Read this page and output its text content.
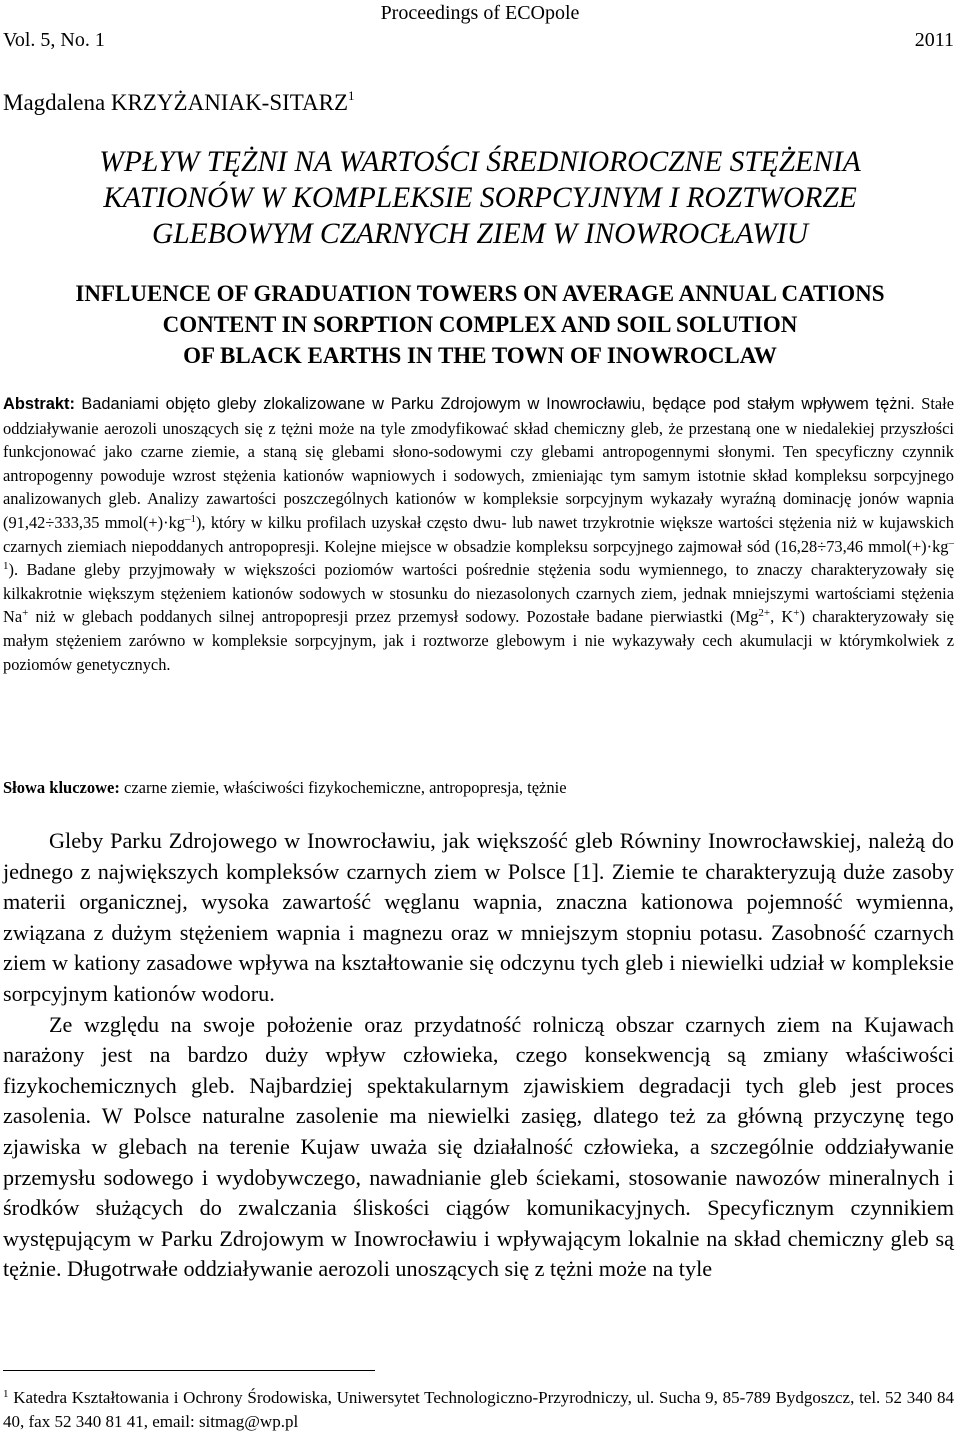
Proceedings of ECOpole
Vol. 5, No. 1	2011
Magdalena KRZYŻANIAK-SITARZ$^1$
WPŁYW TĘŻNI NA WARTOŚCI ŚREDNIOROCZNE STĘŻENIA
KATIONÓW W KOMPLEKSIE SORPCYJNYM I ROZTWORZE
GLEBOWYM CZARNYCH ZIEM W INOWROCŁAWIU
INFLUENCE OF GRADUATION TOWERS ON AVERAGE ANNUAL CATIONS
CONTENT IN SORPTION COMPLEX AND SOIL SOLUTION
OF BLACK EARTHS IN THE TOWN OF INOWROCLAW
Abstrakt: Badaniami objęto gleby zlokalizowane w Parku Zdrojowym w Inowrocławiu, będące pod stałym wpływem tężni. Stałe oddziaływanie aerozoli unoszących się z tężni może na tyle zmodyfikować skład chemiczny gleb, że przestaną one w niedalekiej przyszłości funkcjonować jako czarne ziemie, a staną się glebami słono-sodowymi czy glebami antropogennymi słonymi. Ten specyficzny czynnik antropogenny powoduje wzrost stężenia kationów wapniowych i sodowych, zmieniając tym samym istotnie skład kompleksu sorpcyjnego analizowanych gleb. Analizy zawartości poszczególnych kationów w kompleksie sorpcyjnym wykazały wyraźną dominację jonów wapnia (91,42÷333,35 $mmol(+)\cdot kg^{-1}$), który w kilku profilach uzyskał często dwu- lub nawet trzykrotnie większe wartości stężenia niż w kujawskich czarnych ziemiach niepoddanych antropopresji. Kolejne miejsce w obsadzie kompleksu sorpcyjnego zajmował sód (16,28÷73,46 $mmol(+)\cdot kg^{-1}$). Badane gleby przyjmowały w większości poziomów wartości pośrednie stężenia sodu wymiennego, to znaczy charakteryzowały się kilkakrotnie większym stężeniem kationów sodowych w stosunku do niezasolonych czarnych ziem, jednak mniejszymi wartościami stężenia Na+ niż w glebach poddanych silnej antropopresji przez przemysł sodowy. Pozostałe badane pierwiastki ($Mg^{2+}$, K+) charakteryzowały się małym stężeniem zarówno w kompleksie sorpcyjnym, jak i roztworze glebowym i nie wykazywały cech akumulacji w którymkolwiek z poziomów genetycznych.
Słowa kluczowe: czarne ziemie, właściwości fizykochemiczne, antropopresja, tężnie

Gleby Parku Zdrojowego w Inowrocławiu, jak większość gleb Równiny Inowrocławskiej, należą do jednego z największych kompleksów czarnych ziem w Polsce [1]. Ziemie te charakteryzują duże zasoby materii organicznej, wysoka zawartość węglanu wapnia, znaczna kationowa pojemność wymienna, związana z dużym stężeniem wapnia i magnezu oraz w mniejszym stopniu potasu. Zasobność czarnych ziem w kationy zasadowe wpływa na kształtowanie się odczynu tych gleb i niewielki udział w kompleksie sorpcyjnym kationów wodoru.

Ze względu na swoje położenie oraz przydatność rolniczą obszar czarnych ziem na Kujawach narażony jest na bardzo duży wpływ człowieka, czego konsekwencją są zmiany właściwości fizykochemicznych gleb. Najbardziej spektakularnym zjawiskiem degradacji tych gleb jest proces zasolenia. W Polsce naturalne zasolenie ma niewielki zasięg, dlatego też za główną przyczynę tego zjawiska w glebach na terenie Kujaw uważa się działalność człowieka, a szczególnie oddziaływanie przemysłu sodowego i wydobywczego, nawadnianie gleb ściekami, stosowanie nawozów mineralnych i środków służących do zwalczania śliskości ciągów komunikacyjnych. Specyficznym czynnikiem występującym w Parku Zdrojowym w Inowrocławiu i wpływającym lokalnie na skład chemiczny gleb są tężnie. Długotrwałe oddziaływanie aerozoli unoszących się z tężni może na tyle

$^1$ Katedra Kształtowania i Ochrony Środowiska, Uniwersytet Technologiczno-Przyrodniczy, ul. Sucha 9, 85-789 Bydgoszcz, tel. 52 340 84 40, fax 52 340 81 41, email: sitmag@wp.pl
